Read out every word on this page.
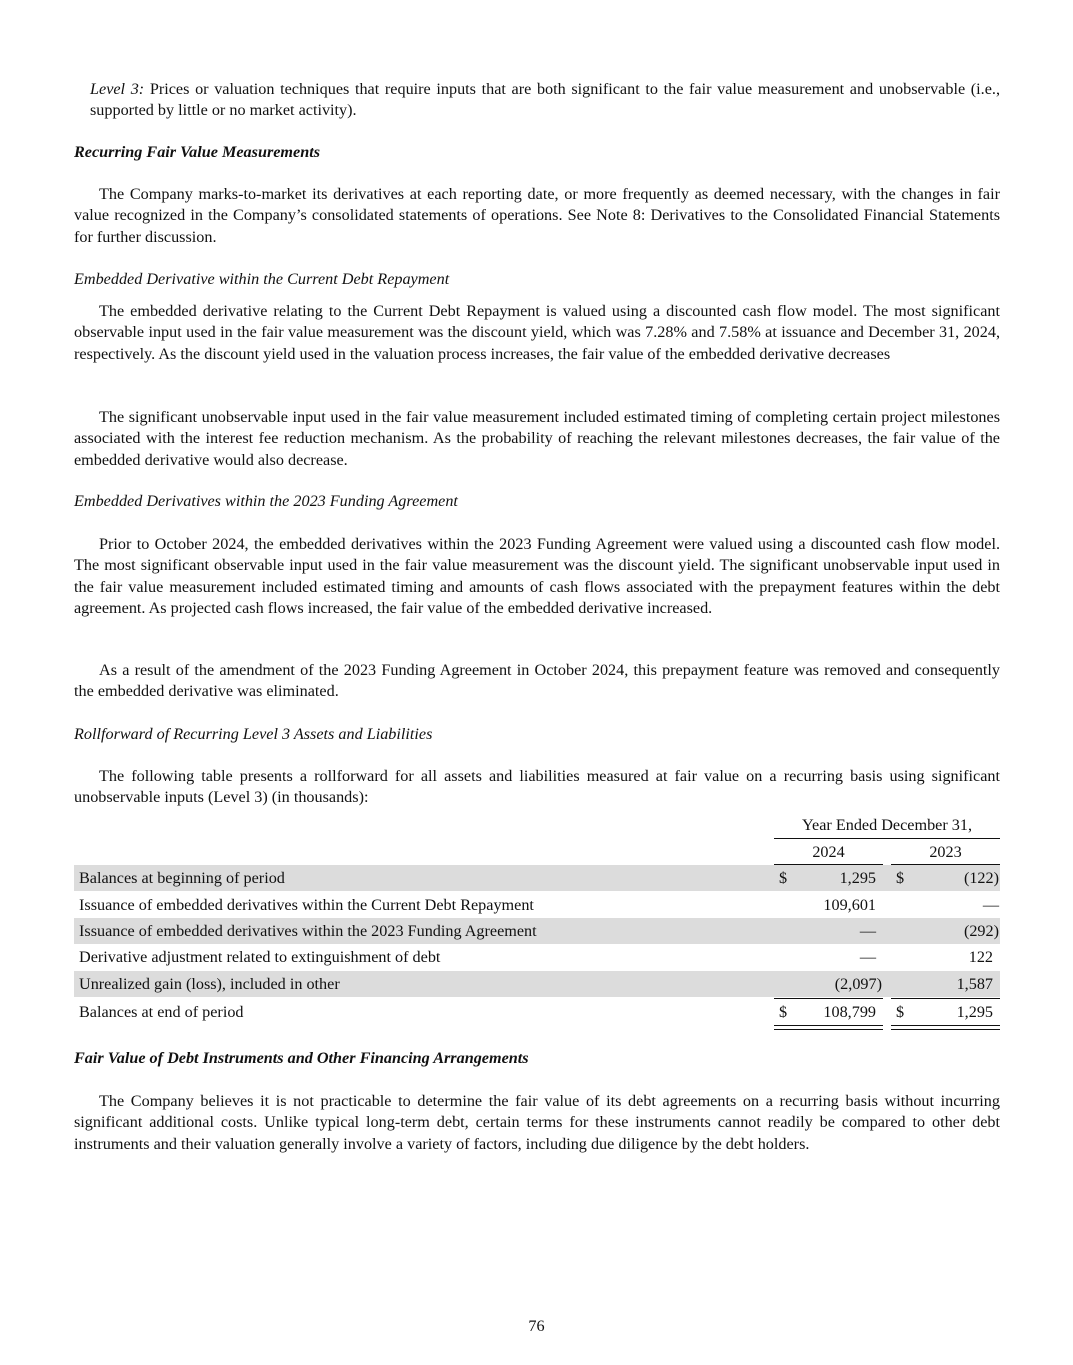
Level 3: Prices or valuation techniques that require inputs that are both significant to the fair value measurement and unobservable (i.e., supported by little or no market activity).

Recurring Fair Value Measurements

The Company marks-to-market its derivatives at each reporting date, or more frequently as deemed necessary, with the changes in fair value recognized in the Company’s consolidated statements of operations. See Note 8: Derivatives to the Consolidated Financial Statements for further discussion.

Embedded Derivative within the Current Debt Repayment

The embedded derivative relating to the Current Debt Repayment is valued using a discounted cash flow model. The most significant observable input used in the fair value measurement was the discount yield, which was 7.28% and 7.58% at issuance and December 31, 2024, respectively. As the discount yield used in the valuation process increases, the fair value of the embedded derivative decreases

The significant unobservable input used in the fair value measurement included estimated timing of completing certain project milestones associated with the interest fee reduction mechanism. As the probability of reaching the relevant milestones decreases, the fair value of the embedded derivative would also decrease.

Embedded Derivatives within the 2023 Funding Agreement

Prior to October 2024, the embedded derivatives within the 2023 Funding Agreement were valued using a discounted cash flow model. The most significant observable input used in the fair value measurement was the discount yield. The significant unobservable input used in the fair value measurement included estimated timing and amounts of cash flows associated with the prepayment features within the debt agreement. As projected cash flows increased, the fair value of the embedded derivative increased.

As a result of the amendment of the 2023 Funding Agreement in October 2024, this prepayment feature was removed and consequently the embedded derivative was eliminated.

Rollforward of Recurring Level 3 Assets and Liabilities

The following table presents a rollforward for all assets and liabilities measured at fair value on a recurring basis using significant unobservable inputs (Level 3) (in thousands):

Year Ended December 31,
2024	2023
Balances at beginning of period	$	1,295 $	(122)
Issuance of embedded derivatives within the Current Debt Repayment	109,601	—
Issuance of embedded derivatives within the 2023 Funding Agreement	—	(292)
Derivative adjustment related to extinguishment of debt	—	122
Unrealized gain (loss), included in other	(2,097)	1,587
Balances at end of period	$ 108,799 $	1,295
Fair Value of Debt Instruments and Other Financing Arrangements

The Company believes it is not practicable to determine the fair value of its debt agreements on a recurring basis without incurring significant additional costs. Unlike typical long-term debt, certain terms for these instruments cannot readily be compared to other debt instruments and their valuation generally involve a variety of factors, including due diligence by the debt holders.

76
